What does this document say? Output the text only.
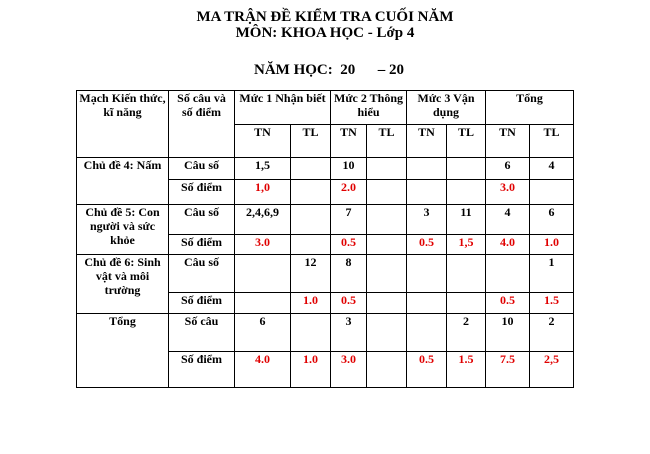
MA TRẬN ĐỀ KIỂM TRA CUỐI NĂM
MÔN: KHOA HỌC - Lớp 4
NĂM HỌC:  20      – 20
Mạch Kiến thức, kĩ năng	Số câu và số điểm	Mức 1 Nhận biết		Mức 2 Thông hiểu		Mức 3 Vận dụng		Tổng	
		TN	TL	TN	TL	TN	TL	TN	TL
Chủ đề 4: Nấm	Câu số	1,5		10				6	4
	Số điểm	1,0		2.0				3.0	
Chủ đề 5: Con người và sức khỏe	Câu số	2,4,6,9		7		3	11	4	6
	Số điểm	3.0		0.5		0.5	1,5	4.0	1.0
Chủ đề 6: Sinh vật và môi trường	Câu số		12	8					1
	Số điểm		1.0	0.5				0.5	1.5
Tổng	Số câu	6		3			2	10	2
	Số điểm	4.0	1.0	3.0		0.5	1.5	7.5	2,5
